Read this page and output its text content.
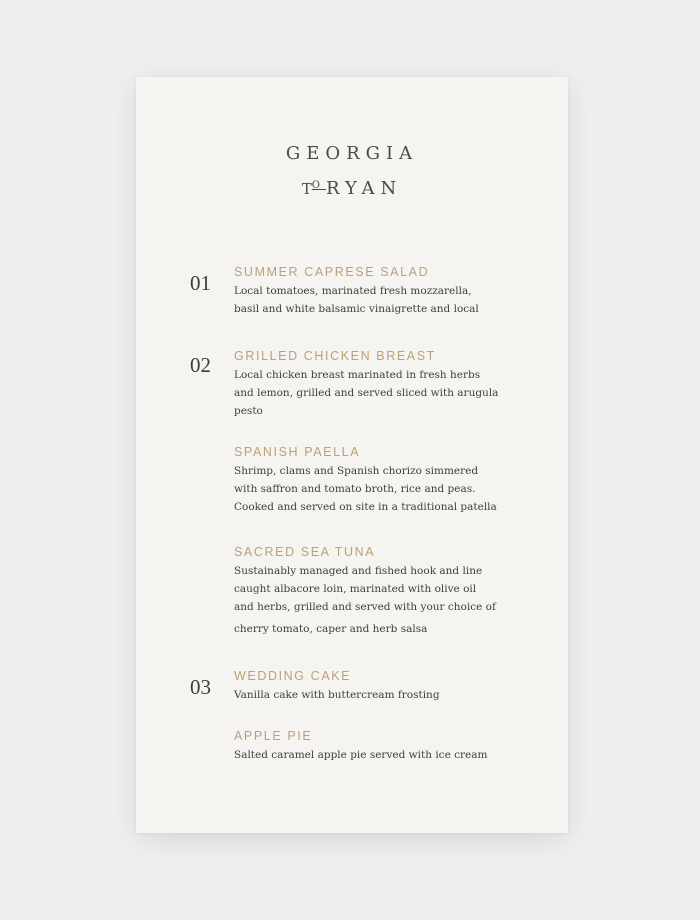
GEORGIA
$T^ORYAN$
01 SUMMER CAPRESE SALAD
Local tomatoes, marinated fresh mozzarella,
basil and white balsamic vinaigrette and local
02 GRILLED CHICKEN BREAST
Local chicken breast marinated in fresh herbs
and lemon, grilled and served sliced with arugula
pesto
SPANISH PAELLA
Shrimp, clams and Spanish chorizo simmered
with saffron and tomato broth, rice and peas.
Cooked and served on site in a traditional patella
SACRED SEA TUNA
Sustainably managed and fished hook and line
caught albacore loin, marinated with olive oil
and herbs, grilled and served with your choice of
cherry tomato, caper and herb salsa
03 WEDDING CAKE
Vanilla cake with buttercream frosting
APPLE PIE
Salted caramel apple pie served with ice cream
